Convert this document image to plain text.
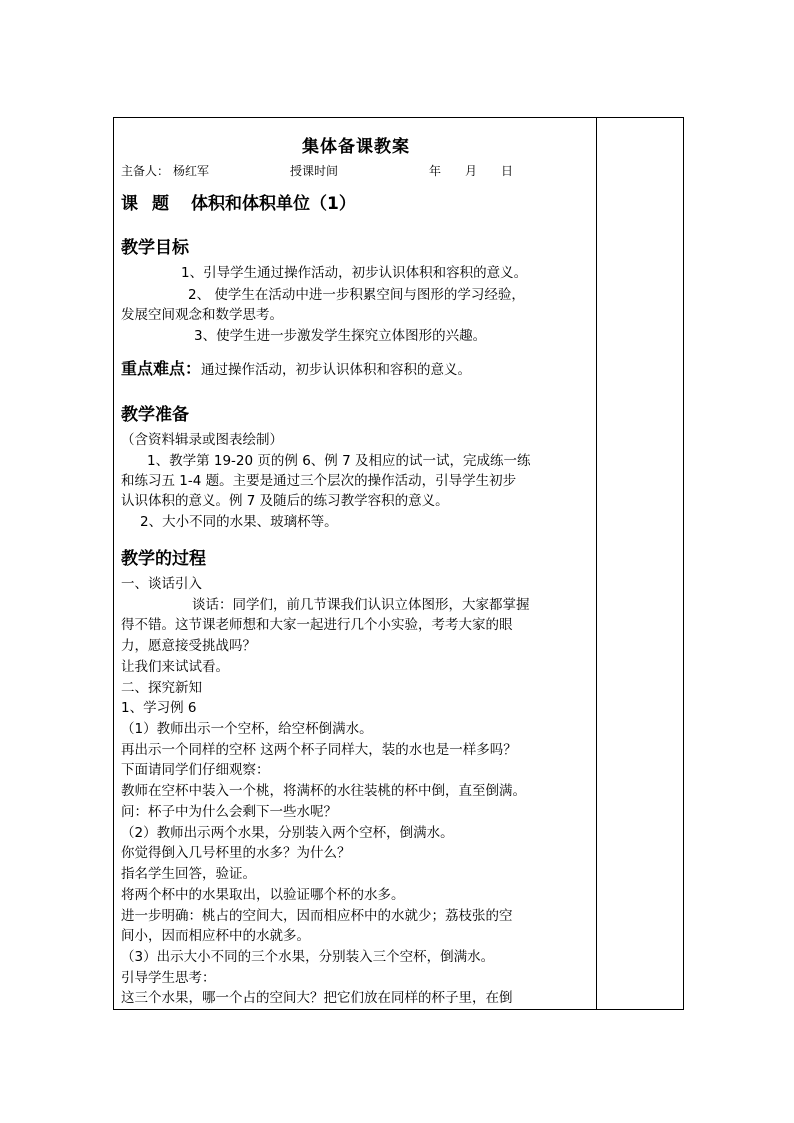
集体备课教案
主备人： 杨红军	授课时间	年 月 日
课 题 体积和体积单位（1）
教学目标
1、引导学生通过操作活动，初步认识体积和容积的意义。
2、 使学生在活动中进一步积累空间与图形的学习经验，
发展空间观念和数学思考。
3、使学生进一步激发学生探究立体图形的兴趣。
重点难点：通过操作活动，初步认识体积和容积的意义。
教学准备
（含资料辑录或图表绘制）
1、教学第 19-20 页的例 6、例 7 及相应的试一试，完成练一练
和练习五 1-4 题。主要是通过三个层次的操作活动，引导学生初步
认识体积的意义。例 7 及随后的练习教学容积的意义。
2、大小不同的水果、玻璃杯等。
教学的过程
一、谈话引入
谈话：同学们，前几节课我们认识立体图形，大家都掌握
得不错。这节课老师想和大家一起进行几个小实验，考考大家的眼
力，愿意接受挑战吗？
让我们来试试看。
二、探究新知
1、学习例 6
（1）教师出示一个空杯，给空杯倒满水。
再出示一个同样的空杯 这两个杯子同样大，装的水也是一样多吗？
下面请同学们仔细观察：
教师在空杯中装入一个桃，将满杯的水往装桃的杯中倒，直至倒满。
问：杯子中为什么会剩下一些水呢？
（2）教师出示两个水果，分别装入两个空杯，倒满水。
你觉得倒入几号杯里的水多？为什么？
指名学生回答，验证。
将两个杯中的水果取出，以验证哪个杯的水多。
进一步明确：桃占的空间大，因而相应杯中的水就少；荔枝张的空
间小，因而相应杯中的水就多。
（3）出示大小不同的三个水果，分别装入三个空杯，倒满水。
引导学生思考：
这三个水果，哪一个占的空间大？把它们放在同样的杯子里，在倒
